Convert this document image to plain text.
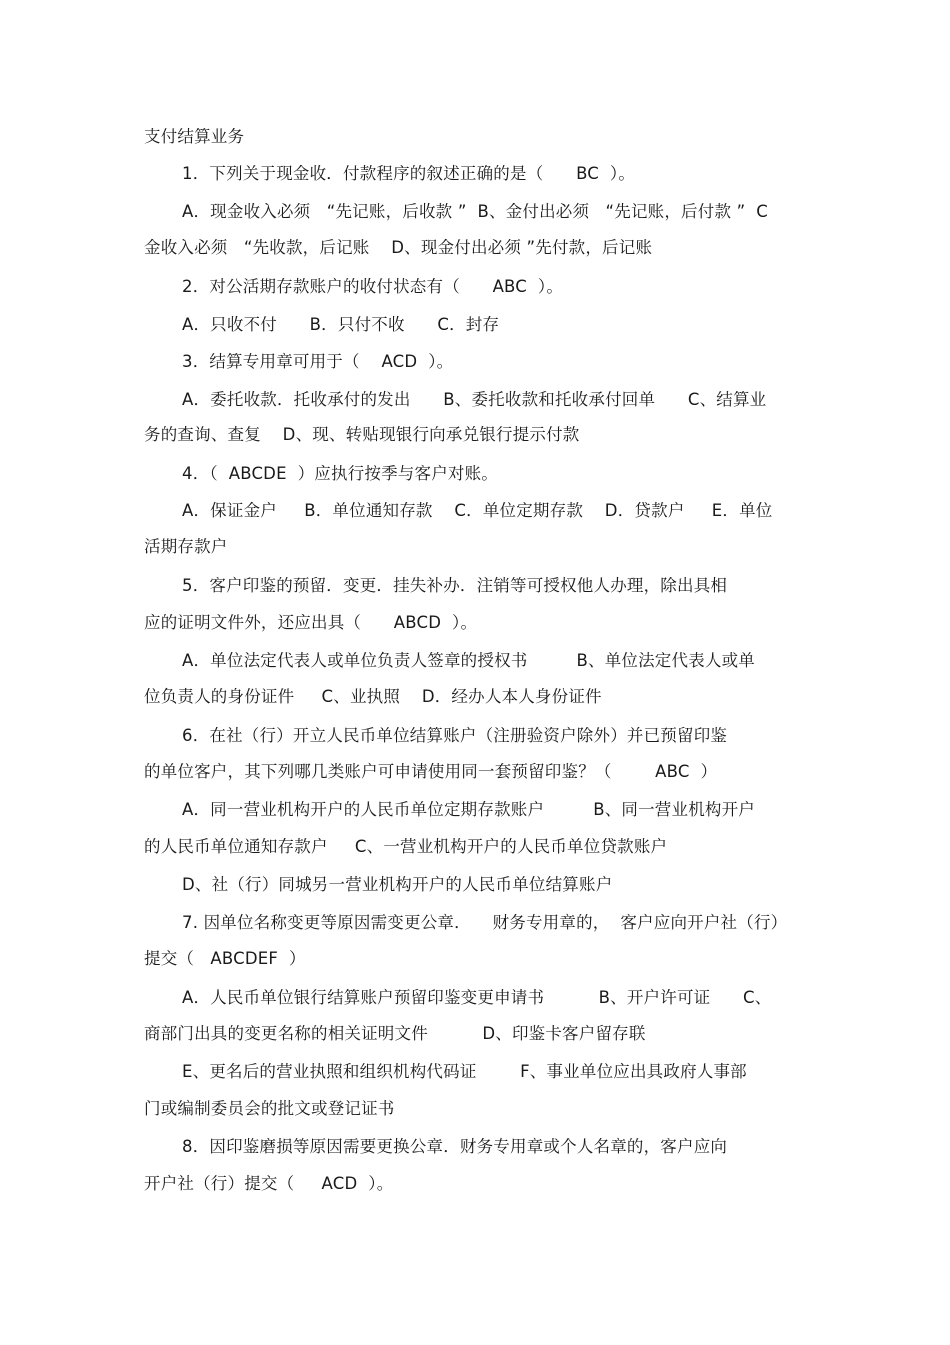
支付结算业务
1．下列关于现金收．付款程序的叙述正确的是（      BC  ）。
A．现金收入必须   “先记账，后收款 ”  B、金付出必须   “先记账，后付款 ”  C
金收入必须   “先收款，后记账    D、现金付出必须 ”先付款，后记账
2．对公活期存款账户的收付状态有（      ABC  ）。
A．只收不付      B．只付不收      C．封存
3．结算专用章可用于（    ACD  ）。
A．委托收款．托收承付的发出      B、委托收款和托收承付回单      C、结算业
务的查询、查复    D、现、转贴现银行向承兑银行提示付款
4．（  ABCDE  ）应执行按季与客户对账。
A．保证金户     B．单位通知存款    C．单位定期存款    D．贷款户     E．单位
活期存款户
5．客户印鉴的预留．变更．挂失补办．注销等可授权他人办理，除出具相
应的证明文件外，还应出具（      ABCD  ）。
A．单位法定代表人或单位负责人签章的授权书         B、单位法定代表人或单
位负责人的身份证件     C、业执照    D．经办人本人身份证件
6．在社（行）开立人民币单位结算账户（注册验资户除外）并已预留印鉴
的单位客户，其下列哪几类账户可申请使用同一套预留印鉴？（        ABC  ）
A．同一营业机构开户的人民币单位定期存款账户         B、同一营业机构开户
的人民币单位通知存款户     C、一营业机构开户的人民币单位贷款账户
D、社（行）同城另一营业机构开户的人民币单位结算账户
7. 因单位名称变更等原因需变更公章．    财务专用章的，  客户应向开户社（行）
提交（   ABCDEF  ）
A．人民币单位银行结算账户预留印鉴变更申请书          B、开户许可证      C、
商部门出具的变更名称的相关证明文件          D、印鉴卡客户留存联
E、更名后的营业执照和组织机构代码证        F、事业单位应出具政府人事部
门或编制委员会的批文或登记证书
8．因印鉴磨损等原因需要更换公章．财务专用章或个人名章的，客户应向
开户社（行）提交（     ACD  ）。
